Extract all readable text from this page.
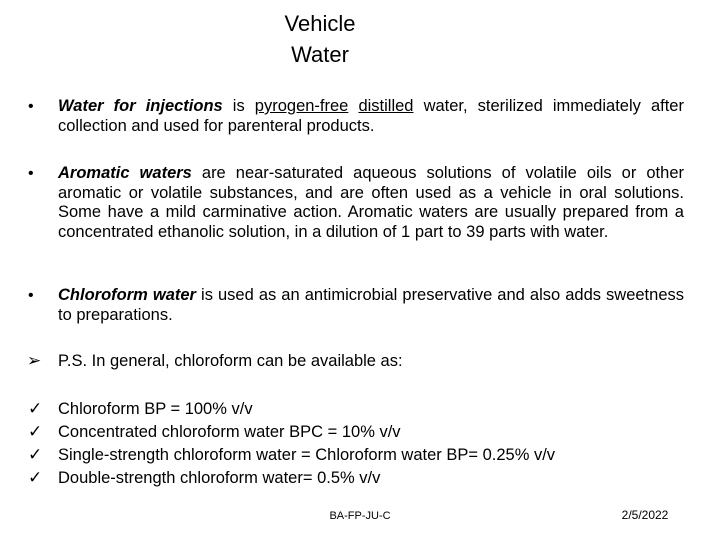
Vehicle
Water
• Water for injections is pyrogen-free distilled water, sterilized immediately after collection and used for parenteral products.
• Aromatic waters are near-saturated aqueous solutions of volatile oils or other aromatic or volatile substances, and are often used as a vehicle in oral solutions. Some have a mild carminative action. Aromatic waters are usually prepared from a concentrated ethanolic solution, in a dilution of 1 part to 39 parts with water.
• Chloroform water is used as an antimicrobial preservative and also adds sweetness to preparations.
➢ P.S. In general, chloroform can be available as:
✓ Chloroform BP = 100% v/v
✓ Concentrated chloroform water BPC = 10% v/v
✓ Single-strength chloroform water = Chloroform water BP= 0.25% v/v
✓ Double-strength chloroform water= 0.5% v/v
BA-FP-JU-C	2/5/2022
